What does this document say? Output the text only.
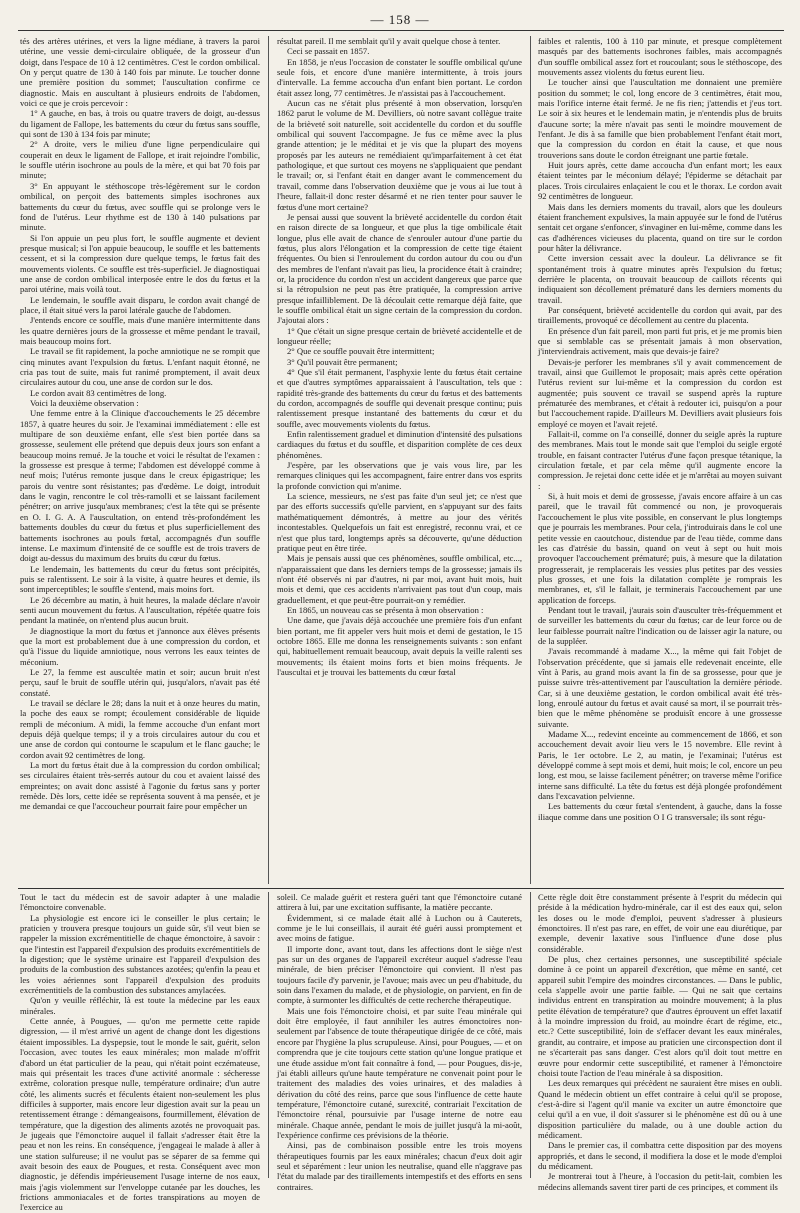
— 158 —

tés des artères utérines, et vers la ligne médiane, à travers la paroi utérine, une vessie demi-circulaire obliquée, de la grosseur d'un doigt, dans l'espace de 10 à 12 centimètres. C'est le cordon ombilical. On y perçut quatre de 130 à 140 fois par minute. Le toucher donne une première position du sommet; l'auscultation confirme ce diagnostic. Mais en auscultant à plusieurs endroits de l'abdomen, voici ce que je crois percevoir :

1° A gauche, en bas, à trois ou quatre travers de doigt, au-dessus du ligament de Fallope, les battements du cœur du fœtus sans souffle, qui sont de 130 à 134 fois par minute;

2° A droite, vers le milieu d'une ligne perpendiculaire qui couperait en deux le ligament de Fallope, et irait rejoindre l'ombilic, le souffle utérin isochrone au pouls de la mère, et qui bat 70 fois par minute;

3° En appuyant le stéthoscope très-légèrement sur le cordon ombilical, on perçoit des battements simples isochrones aux battements du cœur du fœtus, avec souffle qui se prolonge vers le fond de l'utérus. Leur rhythme est de 130 à 140 pulsations par minute.

Si l'on appuie un peu plus fort, le souffle augmente et devient presque musical; si l'on appuie beaucoup, le souffle et les battements cessent, et si la compression dure quelque temps, le fœtus fait des mouvements violents. Ce souffle est très-superficiel. Je diagnostiquai une anse de cordon ombilical interposée entre le dos du fœtus et la paroi utérine, mais voilà tout.

Le lendemain, le souffle avait disparu, le cordon avait changé de place, il était situé vers la paroi latérale gauche de l'abdomen.

J'entends encore ce souffle, mais d'une manière intermittente dans les quatre dernières jours de la grossesse et même pendant le travail, mais beaucoup moins fort.

Le travail se fit rapidement, la poche amniotique ne se rompit que cinq minutes avant l'expulsion du fœtus. L'enfant naquit étonné, ne cria pas tout de suite, mais fut ranimé promptement, il avait deux circulaires autour du cou, une anse de cordon sur le dos.

Le cordon avait 83 centimètres de long.

Voici la deuxième observation :

Une femme entre à la Clinique d'accouchements le 25 décembre 1857, à quatre heures du soir. Je l'examinai immédiatement : elle est multipare de son deuxième enfant, elle s'est bien portée dans sa grossesse, seulement elle prétend que depuis deux jours son enfant a beaucoup moins remué. Je la touche et voici le résultat de l'examen : la grossesse est presque à terme; l'abdomen est développé comme à neuf mois; l'utérus remonte jusque dans le creux épigastrique; les parois du ventre sont résistantes; pas d'œdème. Le doigt, introduit dans le vagin, rencontre le col très-ramolli et se laissant facilement pénétrer; on arrive jusqu'aux membranes; c'est la tête qui se présente en O. I. G. A. A l'auscultation, on entend très-profondément les battements doubles du cœur du fœtus et plus superficiellement des battements isochrones au pouls fœtal, accompagnés d'un souffle intense. Le maximum d'intensité de ce souffle est de trois travers de doigt au-dessus du maximum des bruits du cœur du fœtus.

Le lendemain, les battements du cœur du fœtus sont précipités, puis se ralentissent. Le soir à la visite, à quatre heures et demie, ils sont imperceptibles; le souffle s'entend, mais moins fort.

Le 26 décembre au matin, à huit heures, la malade déclare n'avoir senti aucun mouvement du fœtus. A l'auscultation, répétée quatre fois pendant la matinée, on n'entend plus aucun bruit.

Je diagnostique la mort du fœtus et j'annonce aux élèves présents que la mort est probablement due à une compression du cordon, et qu'à l'issue du liquide amniotique, nous verrons les eaux teintes de méconium.

Le 27, la femme est auscultée matin et soir; aucun bruit n'est perçu, sauf le bruit de souffle utérin qui, jusqu'alors, n'avait pas été constaté.

Le travail se déclare le 28; dans la nuit et à onze heures du matin, la poche des eaux se rompt; écoulement considérable de liquide rempli de méconium. A midi, la femme accouche d'un enfant mort depuis déjà quelque temps; il y a trois circulaires autour du cou et une anse de cordon qui contourne le scapulum et le flanc gauche; le cordon avait 92 centimètres de long.

La mort du fœtus était due à la compression du cordon ombilical; ses circulaires étaient très-serrés autour du cou et avaient laissé des empreintes; on avait donc assisté à l'agonie du fœtus sans y porter remède. Dès lors, cette idée se représenta souvent à ma pensée, et je me demandai ce que l'accoucheur pourrait faire pour empêcher un

résultat pareil. Il me semblait qu'il y avait quelque chose à tenter.

Ceci se passait en 1857.

En 1858, je n'eus l'occasion de constater le souffle ombilical qu'une seule fois, et encore d'une manière intermittente, à trois jours d'intervalle. La femme accoucha d'un enfant bien portant. Le cordon était assez long, 77 centimètres. Je n'assistai pas à l'accouchement.

Aucun cas ne s'était plus présenté à mon observation, lorsqu'en 1862 parut le volume de M. Devilliers, où notre savant collègue traite de la brièveté soit naturelle, soit accidentelle du cordon et du souffle ombilical qui souvent l'accompagne. Je fus ce même avec la plus grande attention; je le méditai et je vis que la plupart des moyens proposés par les auteurs ne remédiaient qu'imparfaitement à cet état pathologique, et que surtout ces moyens ne s'appliquaient que pendant le travail; or, si l'enfant était en danger avant le commencement du travail, comme dans l'observation deuxième que je vous ai lue tout à l'heure, fallait-il donc rester désarmé et ne rien tenter pour sauver le fœtus d'une mort certaine?

Je pensai aussi que souvent la brièveté accidentelle du cordon était en raison directe de sa longueur, et que plus la tige ombilicale était longue, plus elle avait de chance de s'enrouler autour d'une partie du fœtus, plus alors l'élongation et la compression de cette tige étaient fréquentes. Ou bien si l'enroulement du cordon autour du cou ou d'un des membres de l'enfant n'avait pas lieu, la procidence était à craindre; or, la procidence du cordon n'est un accident dangereux que parce que si la rétropulsion ne peut pas être pratiquée, la compression arrive presque infailliblement. De là découlait cette remarque déjà faite, que le souffle ombilical était un signe certain de la compression du cordon. J'ajoutai alors :

1° Que c'était un signe presque certain de brièveté accidentelle et de longueur réelle;

2° Que ce souffle pouvait être intermittent;

3° Qu'il pouvait être permanent;

4° Que s'il était permanent, l'asphyxie lente du fœtus était certaine et que d'autres symptômes apparaissaient à l'auscultation, tels que : rapidité très-grande des battements du cœur du fœtus et des battements du cordon, accompagnés de souffle qui devenait presque continu; puis ralentissement presque instantané des battements du cœur et du souffle, avec mouvements violents du fœtus.

Enfin ralentissement graduel et diminution d'intensité des pulsations cardiaques du fœtus et du souffle, et disparition complète de ces deux phénomènes.

J'espère, par les observations que je vais vous lire, par les remarques cliniques qui les accompagnent, faire entrer dans vos esprits la profonde conviction qui m'anime.

La science, messieurs, ne s'est pas faite d'un seul jet; ce n'est que par des efforts successifs qu'elle parvient, en s'appuyant sur des faits mathématiquement démontrés, à mettre au jour des vérités incontestables. Quelquefois un fait est enregistré, reconnu vrai, et ce n'est que plus tard, longtemps après sa découverte, qu'une déduction pratique peut en être tirée.

Mais je pensais aussi que ces phénomènes, souffle ombilical, etc..., n'apparaissaient que dans les derniers temps de la grossesse; jamais ils n'ont été observés ni par d'autres, ni par moi, avant huit mois, huit mois et demi, que ces accidents n'arrivaient pas tout d'un coup, mais graduellement, et que peut-être pourrait-on y remédier.

En 1865, un nouveau cas se présenta à mon observation :

Une dame, que j'avais déjà accouchée une première fois d'un enfant bien portant, me fit appeler vers huit mois et demi de gestation, le 15 octobre 1865. Elle me donna les renseignements suivants : son enfant qui, habituellement remuait beaucoup, avait depuis la veille ralenti ses mouvements; ils étaient moins forts et bien moins fréquents. Je l'auscultai et je trouvai les battements du cœur fœtal

faibles et ralentis, 100 à 110 par minute, et presque complètement masqués par des battements isochrones faibles, mais accompagnés d'un souffle ombilical assez fort et roucoulant; sous le stéthoscope, des mouvements assez violents du fœtus eurent lieu.

Le toucher ainsi que l'auscultation me donnaient une première position du sommet; le col, long encore de 3 centimètres, était mou, mais l'orifice interne était fermé. Je ne fis rien; j'attendis et j'eus tort. Le soir à six heures et le lendemain matin, je n'entendis plus de bruits d'aucune sorte; la mère n'avait pas senti le moindre mouvement de l'enfant. Je dis à sa famille que bien probablement l'enfant était mort, que la compression du cordon en était la cause, et que nous trouverions sans doute le cordon étreignant une partie fœtale.

Huit jours après, cette dame accoucha d'un enfant mort; les eaux étaient teintes par le méconium délayé; l'épiderme se détachait par places. Trois circulaires enlaçaient le cou et le thorax. Le cordon avait 92 centimètres de longueur.

Mais dans les derniers moments du travail, alors que les douleurs étaient franchement expulsives, la main appuyée sur le fond de l'utérus sentait cet organe s'enfoncer, s'invaginer en lui-même, comme dans les cas d'adhérences vicieuses du placenta, quand on tire sur le cordon pour hâter la délivrance.

Cette inversion cessait avec la douleur. La délivrance se fit spontanément trois à quatre minutes après l'expulsion du fœtus; derrière le placenta, on trouvait beaucoup de caillots récents qui indiquaient son décollement prématuré dans les derniers moments du travail.

Par conséquent, brièveté accidentelle du cordon qui avait, par des tiraillements, provoqué ce décollement au centre du placenta.

En présence d'un fait pareil, mon parti fut pris, et je me promis bien que si semblable cas se présentait jamais à mon observation, j'interviendrais activement, mais que devais-je faire?

Devais-je perforer les membranes s'il y avait commencement de travail, ainsi que Guillemot le proposait; mais après cette opération l'utérus revient sur lui-même et la compression du cordon est augmentée; puis souvent ce travail se suspend après la rupture prématurée des membranes, et c'était à redouter ici, puisqu'on a pour but l'accouchement rapide. D'ailleurs M. Devilliers avait plusieurs fois employé ce moyen et l'avait rejeté.

Fallait-il, comme on l'a conseillé, donner du seigle après la rupture des membranes. Mais tout le monde sait que l'emploi du seigle ergoté trouble, en faisant contracter l'utérus d'une façon presque tétanique, la circulation fœtale, et par cela même qu'il augmente encore la compression. Je rejetai donc cette idée et je m'arrêtai au moyen suivant :

Si, à huit mois et demi de grossesse, j'avais encore affaire à un cas pareil, que le travail fût commencé ou non, je provoquerais l'accouchement le plus vite possible, en conservant le plus longtemps que je pourrais les membranes. Pour cela, j'introduirais dans le col une petite vessie en caoutchouc, distendue par de l'eau tiède, comme dans les cas d'atrésie du bassin, quand on veut à sept ou huit mois provoquer l'accouchement prématuré; puis, à mesure que la dilatation progresserait, je remplacerais les vessies plus petites par des vessies plus grosses, et une fois la dilatation complète je romprais les membranes, et, s'il le fallait, je terminerais l'accouchement par une application de forceps.

Pendant tout le travail, j'aurais soin d'ausculter très-fréquemment et de surveiller les battements du cœur du fœtus; car de leur force ou de leur faiblesse pourrait naître l'indication ou de laisser agir la nature, ou de la suppléer.

J'avais recommandé à madame X..., la même qui fait l'objet de l'observation précédente, que si jamais elle redevenait enceinte, elle vînt à Paris, au grand mois avant la fin de sa grossesse, pour que je puisse suivre très-attentivement par l'auscultation la dernière période. Car, si à une deuxième gestation, le cordon ombilical avait été très-long, enroulé autour du fœtus et avait causé sa mort, il se pourrait très-bien que le même phénomène se produisît encore à une grossesse suivante.

Madame X..., redevint enceinte au commencement de 1866, et son accouchement devait avoir lieu vers le 15 novembre. Elle revint à Paris, le 1er octobre. Le 2, au matin, je l'examinai; l'utérus est développé comme à sept mois et demi, huit mois; le col, encore un peu long, est mou, se laisse facilement pénétrer; on traverse même l'orifice interne sans difficulté. La tête du fœtus est déjà plongée profondément dans l'excavation pelvienne.

Les battements du cœur fœtal s'entendent, à gauche, dans la fosse iliaque comme dans une position O I G transversale; ils sont régu-

Tout le tact du médecin est de savoir adapter à une maladie l'émonctoire convenable.

La physiologie est encore ici le conseiller le plus certain; le praticien y trouvera presque toujours un guide sûr, s'il veut bien se rappeler la mission excrémentitielle de chaque émonctoire, à savoir : que l'intestin est l'appareil d'expulsion des produits excrémentitiels de la digestion; que le système urinaire est l'appareil d'expulsion des produits de la combustion des substances azotées; qu'enfin la peau et les voies aériennes sont l'appareil d'expulsion des produits excrémentitiels de la combustion des substances amylacées.

Qu'on y veuille réfléchir, là est toute la médecine par les eaux minérales.

Cette année, à Pougues, — qu'on me permette cette rapide digression, — il m'est arrivé un agent de change dont les digestions étaient impossibles. La dyspepsie, tout le monde le sait, guérit, selon l'occasion, avec toutes les eaux minérales; mon malade m'offrit d'abord un état particulier de la peau, qui n'était point eczémateuse, mais qui présentait les traces d'une activité anormale : sécheresse extrême, coloration presque nulle, température ordinaire; d'un autre côté, les aliments sucrés et féculents étaient non-seulement les plus difficiles à supporter, mais encore leur digestion avait sur la peau un retentissement étrange : démangeaisons, fourmillement, élévation de température, que la digestion des aliments azotés ne provoquait pas. Je jugeais que l'émonctoire auquel il fallait s'adresser était être la peau et non les reins. En conséquence, j'engageai le malade à aller à une station sulfureuse; il ne voulut pas se séparer de sa femme qui avait besoin des eaux de Pougues, et resta. Conséquent avec mon diagnostic, je défendis impérieusement l'usage interne de nos eaux, mais j'agis violemment sur l'enveloppe cutanée par les douches, les frictions ammoniacales et de fortes transpirations au moyen de l'exercice au

soleil. Ce malade guérit et restera guéri tant que l'émonctoire cutané attirera à lui, par une excitation suffisante, la matière peccante.

Évidemment, si ce malade était allé à Luchon ou à Cauterets, comme je le lui conseillais, il aurait été guéri aussi promptement et avec moins de fatigue.

Il importe donc, avant tout, dans les affections dont le siège n'est pas sur un des organes de l'appareil excréteur auquel s'adresse l'eau minérale, de bien préciser l'émonctoire qui convient. Il n'est pas toujours facile d'y parvenir, je l'avoue; mais avec un peu d'habitude, du soin dans l'examen du malade, et de physiologie, on parvient, en fin de compte, à surmonter les difficultés de cette recherche thérapeutique.

Mais une fois l'émonctoire choisi, et par suite l'eau minérale qui doit être employée, il faut annihiler les autres émonctoires non-seulement par l'absence de toute thérapeutique dirigée de ce côté, mais encore par l'hygiène la plus scrupuleuse. Ainsi, pour Pougues, — et on comprendra que je cite toujours cette station qu'une longue pratique et une étude assidue m'ont fait connaître à fond, — pour Pougues, dis-je, j'ai établi ailleurs qu'une haute température ne convenait point pour le traitement des maladies des voies urinaires, et des maladies à dérivation du côté des reins, parce que sous l'influence de cette haute température, l'émonctoire cutané, surexcité, contrariait l'excitation de l'émonctoire rénal, poursuivie par l'usage interne de notre eau minérale. Chaque année, pendant le mois de juillet jusqu'à la mi-août, l'expérience confirme ces prévisions de la théorie.

Ainsi, pas de combinaison possible entre les trois moyens thérapeutiques fournis par les eaux minérales; chacun d'eux doit agir seul et séparément : leur union les neutralise, quand elle n'aggrave pas l'état du malade par des tiraillements intempestifs et des efforts en sens contraires.

Cette règle doit être constamment présente à l'esprit du médecin qui préside à la médication hydro-minérale, car il est des eaux qui, selon les doses ou le mode d'emploi, peuvent s'adresser à plusieurs émonctoires. Il n'est pas rare, en effet, de voir une eau diurétique, par exemple, devenir laxative sous l'influence d'une dose plus considérable.

De plus, chez certaines personnes, une susceptibilité spéciale domine à ce point un appareil d'excrétion, que même en santé, cet appareil subit l'empire des moindres circonstances. — Dans le public, cela s'appelle avoir une partie faible. — Qui ne sait que certains individus entrent en transpiration au moindre mouvement; à la plus petite élévation de température? que d'autres éprouvent un effet laxatif à la moindre impression du froid, au moindre écart de régime, etc., etc.? Cette susceptibilité, loin de s'effacer devant les eaux minérales, grandit, au contraire, et impose au praticien une circonspection dont il ne s'écarterait pas sans danger. C'est alors qu'il doit tout mettre en œuvre pour endormir cette susceptibilité, et ramener à l'émonctoire choisi toute l'action de l'eau minérale à sa disposition.

Les deux remarques qui précèdent ne sauraient être mises en oubli. Quand le médecin obtient un effet contraire à celui qu'il se propose, c'est-à-dire si l'agent qu'il manie va exciter un autre émonctoire que celui qu'il a en vue, il doit s'assurer si le phénomène est dû ou à une disposition particulière du malade, ou à une double action du médicament.

Dans le premier cas, il combattra cette disposition par des moyens appropriés, et dans le second, il modifiera la dose et le mode d'emploi du médicament.

Je montrerai tout à l'heure, à l'occasion du petit-lait, combien les médecins allemands savent tirer parti de ces principes, et comment ils
